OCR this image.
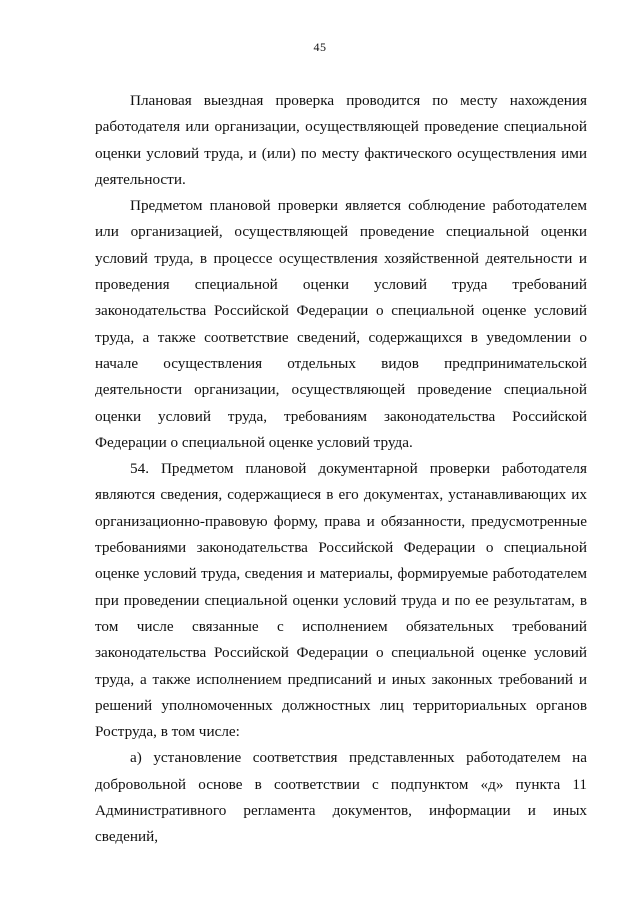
45

Плановая выездная проверка проводится по месту нахождения работодателя или организации, осуществляющей проведение специальной оценки условий труда, и (или) по месту фактического осуществления ими деятельности.

Предметом плановой проверки является соблюдение работодателем или организацией, осуществляющей проведение специальной оценки условий труда, в процессе осуществления хозяйственной деятельности и проведения специальной оценки условий труда требований законодательства Российской Федерации о специальной оценке условий труда, а также соответствие сведений, содержащихся в уведомлении о начале осуществления отдельных видов предпринимательской деятельности организации, осуществляющей проведение специальной оценки условий труда, требованиям законодательства Российской Федерации о специальной оценке условий труда.

54. Предметом плановой документарной проверки работодателя являются сведения, содержащиеся в его документах, устанавливающих их организационно-правовую форму, права и обязанности, предусмотренные требованиями законодательства Российской Федерации о специальной оценке условий труда, сведения и материалы, формируемые работодателем при проведении специальной оценки условий труда и по ее результатам, в том числе связанные с исполнением обязательных требований законодательства Российской Федерации о специальной оценке условий труда, а также исполнением предписаний и иных законных требований и решений уполномоченных должностных лиц территориальных органов Роструда, в том числе:

а) установление соответствия представленных работодателем на добровольной основе в соответствии с подпунктом «д» пункта 11 Административного регламента документов, информации и иных сведений,
